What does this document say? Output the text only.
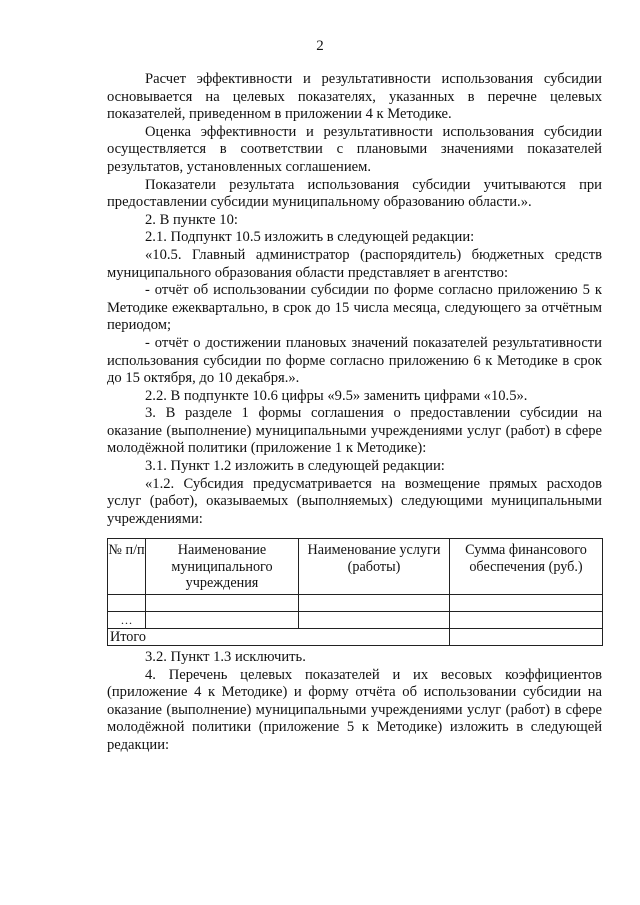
2

Расчет эффективности и результативности использования субсидии основывается на целевых показателях, указанных в перечне целевых показателей, приведенном в приложении 4 к Методике.

Оценка эффективности и результативности использования субсидии осуществляется в соответствии с плановыми значениями показателей результатов, установленных соглашением.

Показатели результата использования субсидии учитываются при предоставлении субсидии муниципальному образованию области.».

2. В пункте 10:

2.1. Подпункт 10.5 изложить в следующей редакции:

«10.5. Главный администратор (распорядитель) бюджетных средств муниципального образования области представляет в агентство:

- отчёт об использовании субсидии по форме согласно приложению 5 к Методике ежеквартально, в срок до 15 числа месяца, следующего за отчётным периодом;

- отчёт о достижении плановых значений показателей результативности использования субсидии по форме согласно приложению 6 к Методике в срок до 15 октября, до 10 декабря.».

2.2. В подпункте 10.6 цифры «9.5» заменить цифрами «10.5».

3. В разделе 1 формы соглашения о предоставлении субсидии на оказание (выполнение) муниципальными учреждениями услуг (работ) в сфере молодёжной политики (приложение 1 к Методике):

3.1. Пункт 1.2 изложить в следующей редакции:

«1.2. Субсидия предусматривается на возмещение прямых расходов услуг (работ), оказываемых (выполняемых) следующими муниципальными учреждениями:

№ п/п	Наименование муниципального учреждения	Наименование услуги (работы)	Сумма финансового обеспечения (руб.)

…			
Итого			

3.2. Пункт 1.3 исключить.

4. Перечень целевых показателей и их весовых коэффициентов (приложение 4 к Методике) и форму отчёта об использовании субсидии на оказание (выполнение) муниципальными учреждениями услуг (работ) в сфере молодёжной политики (приложение 5 к Методике) изложить в следующей редакции:
